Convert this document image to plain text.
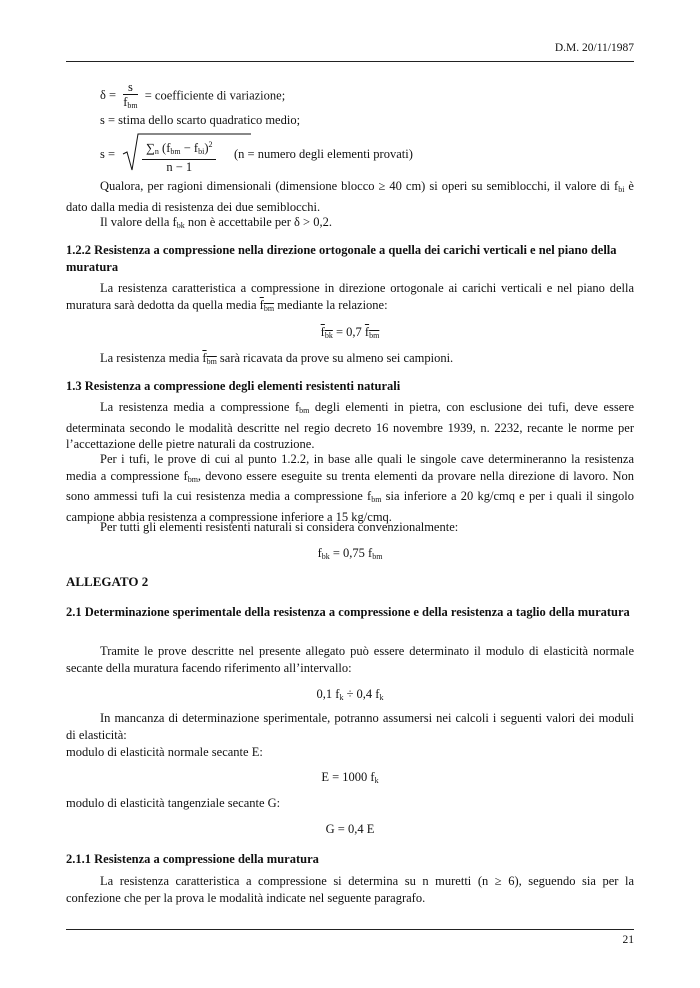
D.M. 20/11/1987
$\delta = \frac{s}{f_{bm}}$ = coefficiente di variazione;
s = stima dello scarto quadratico medio;
$s = \frac{\sum_n (f_{bm} - f_{bi})^2}{n - 1} (n$ = numero degli elementi provati)
Qualora, per ragioni dimensionali (dimensione blocco ≥ 40 cm) si operi su semiblocchi, il valore di $f_{bi}$ è dato dalla media di resistenza dei due semiblocchi.
Il valore della $f_{bk}$ non è accettabile per δ > 0,2.
1.2.2 Resistenza a compressione nella direzione ortogonale a quella dei carichi verticali e nel piano della muratura
La resistenza caratteristica a compressione in direzione ortogonale ai carichi verticali e nel piano della muratura sarà dedotta da quella media $f_{bm}$ mediante la relazione:
$f_{bk} = 0,7$ $f_{bm}$
La resistenza media $f_{bm}$ sarà ricavata da prove su almeno sei campioni.
1.3 Resistenza a compressione degli elementi resistenti naturali
La resistenza media a compressione $f_{bm}$ degli elementi in pietra, con esclusione dei tufi, deve essere determinata secondo le modalità descritte nel regio decreto 16 novembre 1939, n. 2232, recante le norme per l’accettazione delle pietre naturali da costruzione.
Per i tufi, le prove di cui al punto 1.2.2, in base alle quali le singole cave determineranno la resistenza media a compressione $f_{bm}$, devono essere eseguite su trenta elementi da provare nella direzione di lavoro. Non sono ammessi tufi la cui resistenza media a compressione $f_{bm}$ sia inferiore a 20 kg/cmq e per i quali il singolo campione abbia resistenza a compressione inferiore a 15 kg/cmq.
Per tutti gli elementi resistenti naturali si considera convenzionalmente:
$f_{bk} = 0,75$ $f_{bm}$
ALLEGATO 2
2.1 Determinazione sperimentale della resistenza a compressione e della resistenza a taglio della muratura
Tramite le prove descritte nel presente allegato può essere determinato il modulo di elasticità normale secante della muratura facendo riferimento all’intervallo:
0,1 $f_k \div 0,4$ $f_k$
In mancanza di determinazione sperimentale, potranno assumersi nei calcoli i seguenti valori dei moduli di elasticità:
modulo di elasticità normale secante E:
E = 1000 $f_k$
modulo di elasticità tangenziale secante G:
G = 0,4 E
2.1.1 Resistenza a compressione della muratura
La resistenza caratteristica a compressione si determina su n muretti (n ≥ 6), seguendo sia per la confezione che per la prova le modalità indicate nel seguente paragrafo.
21
